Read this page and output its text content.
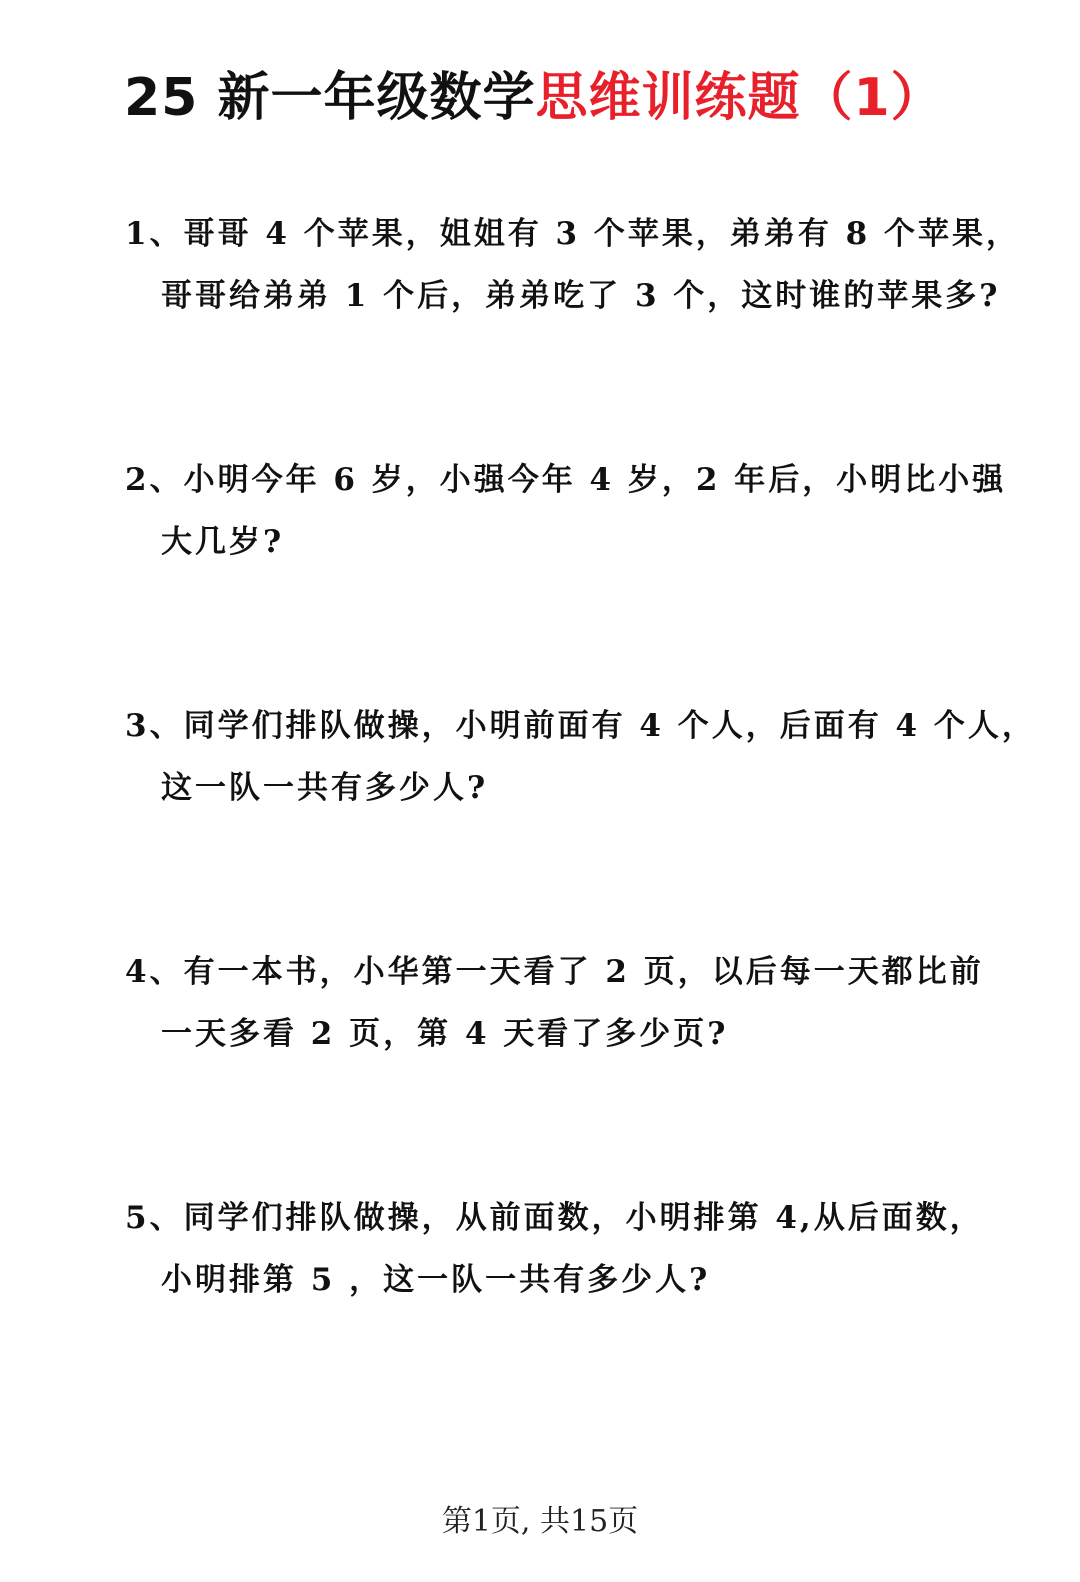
25 新一年级数学思维训练题（1）
1、哥哥 4 个苹果，姐姐有 3 个苹果，弟弟有 8 个苹果，
哥哥给弟弟 1 个后，弟弟吃了 3 个，这时谁的苹果多?
2、小明今年 6 岁，小强今年 4 岁，2 年后，小明比小强
大几岁?
3、同学们排队做操，小明前面有 4 个人，后面有 4 个人，
这一队一共有多少人?
4、有一本书，小华第一天看了 2 页，以后每一天都比前
一天多看 2 页，第 4 天看了多少页?
5、同学们排队做操，从前面数，小明排第 4,从后面数，
小明排第 5 ，这一队一共有多少人?
第1页, 共15页
